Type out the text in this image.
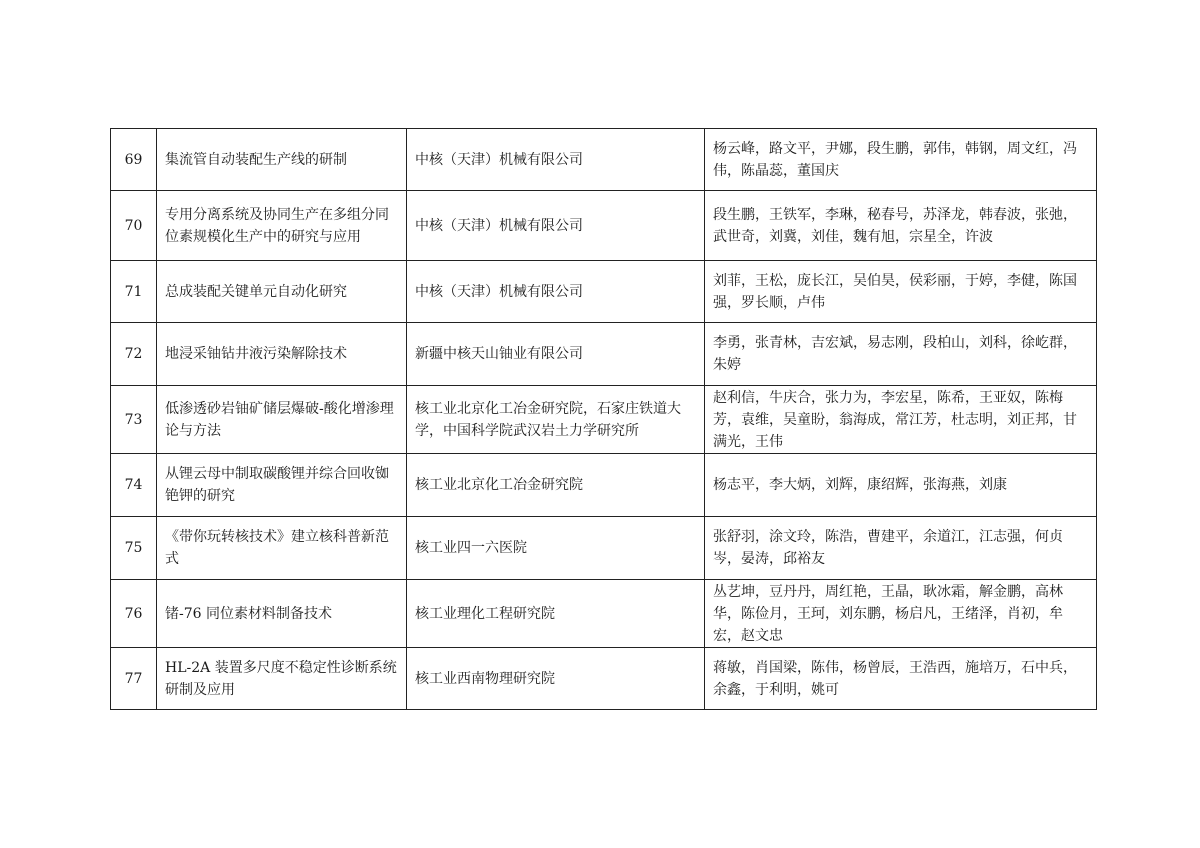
69	集流管自动装配生产线的研制	中核（天津）机械有限公司	杨云峰，路文平，尹娜，段生鹏，郭伟，韩钢，周文红，冯伟，陈晶蕊，董国庆
70	专用分离系统及协同生产在多组分同位素规模化生产中的研究与应用	中核（天津）机械有限公司	段生鹏，王铁军，李琳，秘春号，苏泽龙，韩春波，张弛，武世奇，刘冀，刘佳，魏有旭，宗星全，许波
71	总成装配关键单元自动化研究	中核（天津）机械有限公司	刘菲，王松，庞长江，吴伯昊，侯彩丽，于婷，李健，陈国强，罗长顺，卢伟
72	地浸采铀钻井液污染解除技术	新疆中核天山铀业有限公司	李勇，张青林，吉宏斌，易志刚，段柏山，刘科，徐屹群，朱婷
73	低渗透砂岩铀矿储层爆破-酸化增渗理论与方法	核工业北京化工冶金研究院，石家庄铁道大学，中国科学院武汉岩土力学研究所	赵利信，牛庆合，张力为，李宏星，陈希，王亚奴，陈梅芳，袁维，吴童盼，翁海成，常江芳，杜志明，刘正邦，甘满光，王伟
74	从锂云母中制取碳酸锂并综合回收铷铯钾的研究	核工业北京化工冶金研究院	杨志平，李大炳，刘辉，康绍辉，张海燕，刘康
75	《带你玩转核技术》建立核科普新范式	核工业四一六医院	张舒羽，涂文玲，陈浩，曹建平，余道江，江志强，何贞岑，晏涛，邱裕友
76	锗-76 同位素材料制备技术	核工业理化工程研究院	丛艺坤，豆丹丹，周红艳，王晶，耿冰霜，解金鹏，高林华，陈俭月，王珂，刘东鹏，杨启凡，王绪泽，肖初，牟宏，赵文忠
77	HL-2A 装置多尺度不稳定性诊断系统研制及应用	核工业西南物理研究院	蒋敏，肖国梁，陈伟，杨曾辰，王浩西，施培万，石中兵，余鑫，于利明，姚可
